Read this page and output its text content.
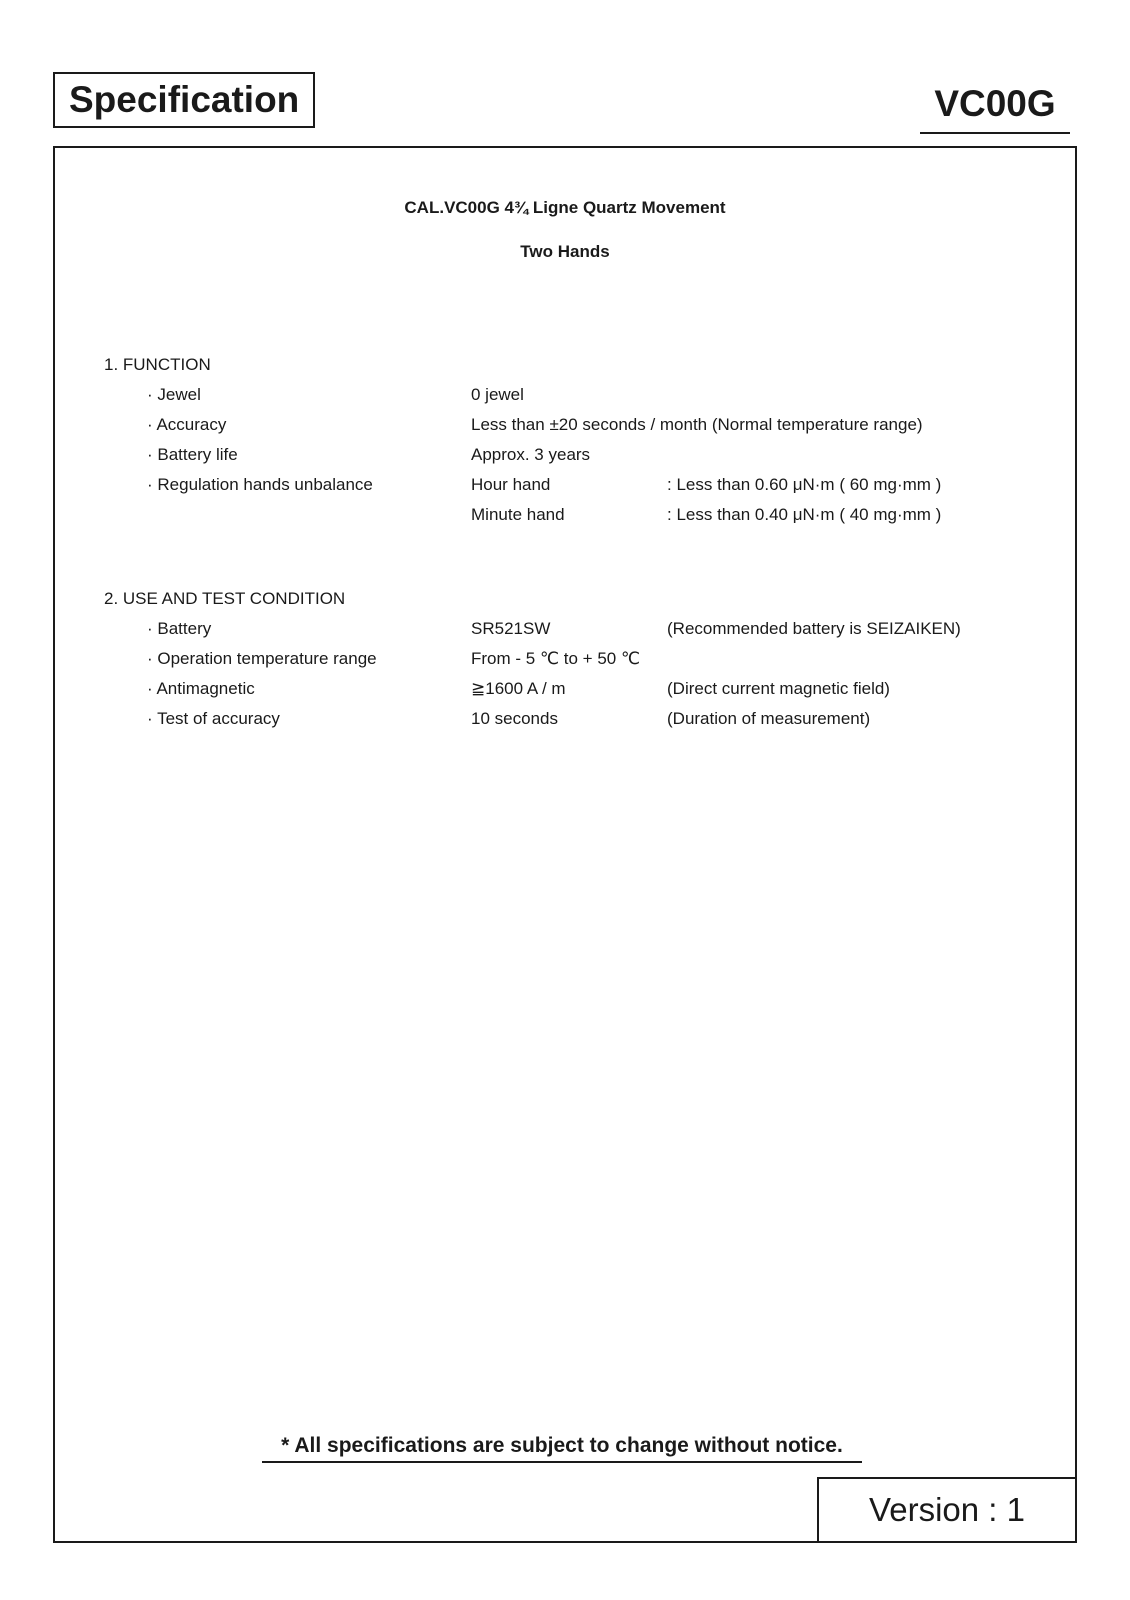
Specification	VC00G
CAL.VC00G 4¾ Ligne Quartz Movement
Two Hands
1. FUNCTION
· Jewel	0 jewel
· Accuracy	Less than ±20 seconds / month (Normal temperature range)
· Battery life	Approx. 3 years
· Regulation hands unbalance	Hour hand	: Less than 0.60 μN·m ( 60 mg·mm )
Minute hand	: Less than 0.40 μN·m ( 40 mg·mm )
2. USE AND TEST CONDITION
· Battery	SR521SW	(Recommended battery is SEIZAIKEN)
· Operation temperature range	From - 5 ℃ to + 50 ℃
· Antimagnetic	≧1600 A / m	(Direct current magnetic field)
· Test of accuracy	10 seconds	(Duration of measurement)
* All specifications are subject to change without notice.
Version : 1
